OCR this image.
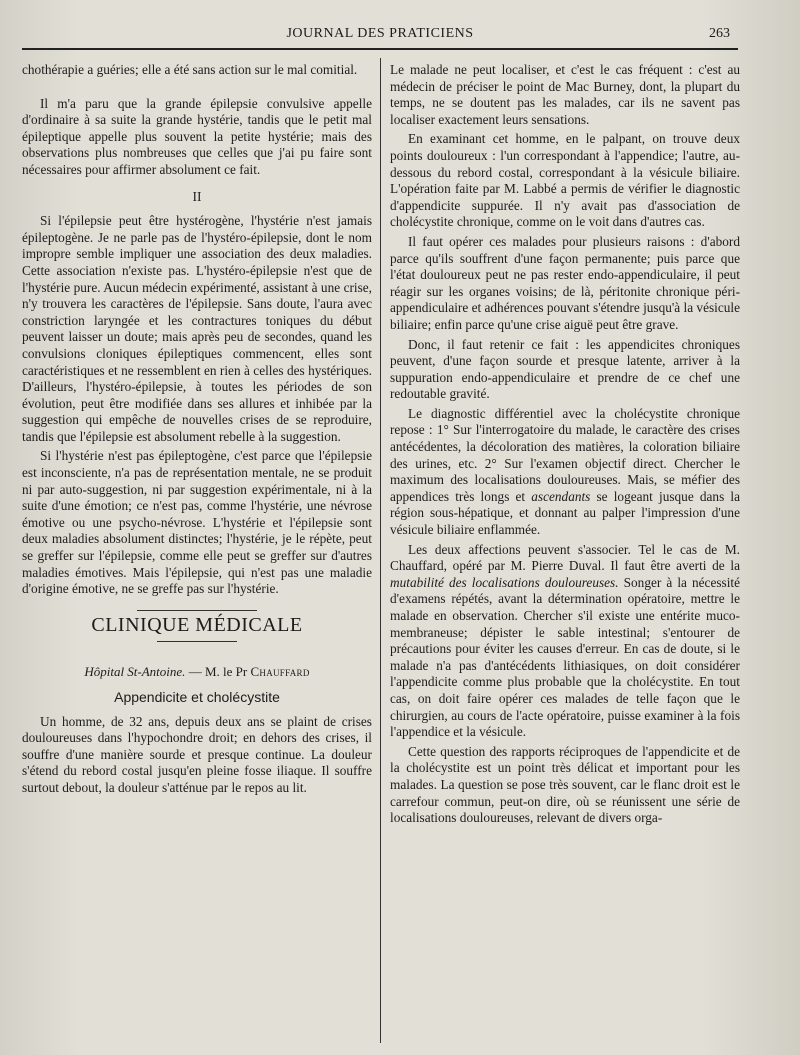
JOURNAL DES PRATICIENS	263

chothérapie a guéries; elle a été sans action sur le mal comitial.

Il m'a paru que la grande épilepsie convulsive appelle d'ordinaire à sa suite la grande hystérie, tandis que le petit mal épileptique appelle plus souvent la petite hystérie; mais des observations plus nombreuses que celles que j'ai pu faire sont nécessaires pour affirmer absolument ce fait.

II

Si l'épilepsie peut être hystérogène, l'hystérie n'est jamais épileptogène. Je ne parle pas de l'hystéro-épilepsie, dont le nom impropre semble impliquer une association des deux maladies. Cette association n'existe pas. L'hystéro-épilepsie n'est que de l'hystérie pure. Aucun médecin expérimenté, assistant à une crise, n'y trouvera les caractères de l'épilepsie. Sans doute, l'aura avec constriction laryngée et les contractures toniques du début peuvent laisser un doute; mais après peu de secondes, quand les convulsions cloniques épileptiques commencent, elles sont caractéristiques et ne ressemblent en rien à celles des hystériques. D'ailleurs, l'hystéro-épilepsie, à toutes les périodes de son évolution, peut être modifiée dans ses allures et inhibée par la suggestion qui empêche de nouvelles crises de se reproduire, tandis que l'épilepsie est absolument rebelle à la suggestion.

Si l'hystérie n'est pas épileptogène, c'est parce que l'épilepsie est inconsciente, n'a pas de représentation mentale, ne se produit ni par auto-suggestion, ni par suggestion expérimentale, ni à la suite d'une émotion; ce n'est pas, comme l'hystérie, une névrose émotive ou une psycho-névrose. L'hystérie et l'épilepsie sont deux maladies absolument distinctes; l'hystérie, je le répète, peut se greffer sur l'épilepsie, comme elle peut se greffer sur d'autres maladies émotives. Mais l'épilepsie, qui n'est pas une maladie d'origine émotive, ne se greffe pas sur l'hystérie.

CLINIQUE MÉDICALE
Hôpital St-Antoine. — M. le Pr Chauffard
Appendicite et cholécystite

Un homme, de 32 ans, depuis deux ans se plaint de crises douloureuses dans l'hypochondre droit; en dehors des crises, il souffre d'une manière sourde et presque continue. La douleur s'étend du rebord costal jusqu'en pleine fosse iliaque. Il souffre surtout debout, la douleur s'atténue par le repos au lit.

Le malade ne peut localiser, et c'est le cas fréquent : c'est au médecin de préciser le point de Mac Burney, dont, la plupart du temps, ne se doutent pas les malades, car ils ne savent pas localiser exactement leurs sensations.

En examinant cet homme, en le palpant, on trouve deux points douloureux : l'un correspondant à l'appendice; l'autre, au-dessous du rebord costal, correspondant à la vésicule biliaire. L'opération faite par M. Labbé a permis de vérifier le diagnostic d'appendicite suppurée. Il n'y avait pas d'association de cholécystite chronique, comme on le voit dans d'autres cas.

Il faut opérer ces malades pour plusieurs raisons : d'abord parce qu'ils souffrent d'une façon permanente; puis parce que l'état douloureux peut ne pas rester endo-appendiculaire, il peut réagir sur les organes voisins; de là, péritonite chronique péri-appendiculaire et adhérences pouvant s'étendre jusqu'à la vésicule biliaire; enfin parce qu'une crise aiguë peut être grave.

Donc, il faut retenir ce fait : les appendicites chroniques peuvent, d'une façon sourde et presque latente, arriver à la suppuration endo-appendiculaire et prendre de ce chef une redoutable gravité.

Le diagnostic différentiel avec la cholécystite chronique repose : 1° Sur l'interrogatoire du malade, le caractère des crises antécédentes, la décoloration des matières, la coloration biliaire des urines, etc. 2° Sur l'examen objectif direct. Chercher le maximum des localisations douloureuses. Mais, se méfier des appendices très longs et ascendants se logeant jusque dans la région sous-hépatique, et donnant au palper l'impression d'une vésicule biliaire enflammée.

Les deux affections peuvent s'associer. Tel le cas de M. Chauffard, opéré par M. Pierre Duval. Il faut être averti de la mutabilité des localisations douloureuses. Songer à la nécessité d'examens répétés, avant la détermination opératoire, mettre le malade en observation. Chercher s'il existe une entérite muco-membraneuse; dépister le sable intestinal; s'entourer de précautions pour éviter les causes d'erreur. En cas de doute, si le malade n'a pas d'antécédents lithiasiques, on doit considérer l'appendicite comme plus probable que la cholécystite. En tout cas, on doit faire opérer ces malades de telle façon que le chirurgien, au cours de l'acte opératoire, puisse examiner à la fois l'appendice et la vésicule.

Cette question des rapports réciproques de l'appendicite et de la cholécystite est un point très délicat et important pour les malades. La question se pose très souvent, car le flanc droit est le carrefour commun, peut-on dire, où se réunissent une série de localisations douloureuses, relevant de divers orga-
